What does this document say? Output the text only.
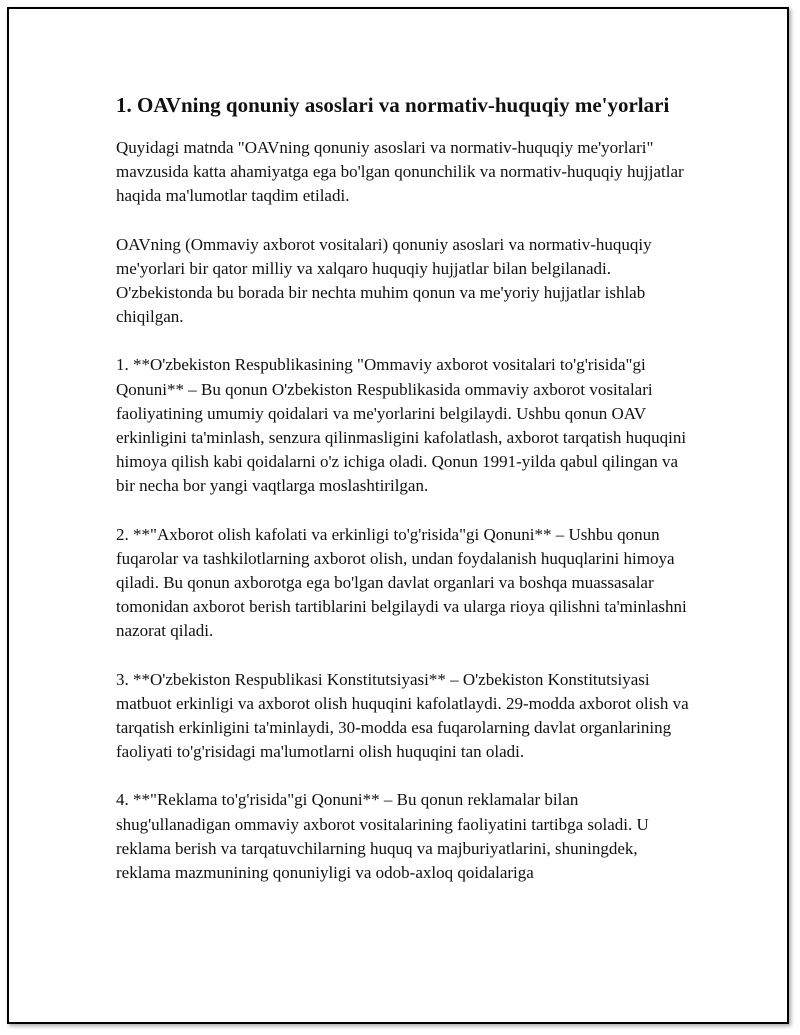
1. OAVning qonuniy asoslari va normativ-huquqiy me'yorlari

Quyidagi matnda "OAVning qonuniy asoslari va normativ-huquqiy me'yorlari" mavzusida katta ahamiyatga ega bo'lgan qonunchilik va normativ-huquqiy hujjatlar haqida ma'lumotlar taqdim etiladi.

OAVning (Ommaviy axborot vositalari) qonuniy asoslari va normativ-huquqiy me'yorlari bir qator milliy va xalqaro huquqiy hujjatlar bilan belgilanadi. O'zbekistonda bu borada bir nechta muhim qonun va me'yoriy hujjatlar ishlab chiqilgan.

1. **O'zbekiston Respublikasining "Ommaviy axborot vositalari to'g'risida"gi Qonuni** – Bu qonun O'zbekiston Respublikasida ommaviy axborot vositalari faoliyatining umumiy qoidalari va me'yorlarini belgilaydi. Ushbu qonun OAV erkinligini ta'minlash, senzura qilinmasligini kafolatlash, axborot tarqatish huquqini himoya qilish kabi qoidalarni o'z ichiga oladi. Qonun 1991-yilda qabul qilingan va bir necha bor yangi vaqtlarga moslashtirilgan.

2. **"Axborot olish kafolati va erkinligi to'g'risida"gi Qonuni** – Ushbu qonun fuqarolar va tashkilotlarning axborot olish, undan foydalanish huquqlarini himoya qiladi. Bu qonun axborotga ega bo'lgan davlat organlari va boshqa muassasalar tomonidan axborot berish tartiblarini belgilaydi va ularga rioya qilishni ta'minlashni nazorat qiladi.

3. **O'zbekiston Respublikasi Konstitutsiyasi** – O'zbekiston Konstitutsiyasi matbuot erkinligi va axborot olish huquqini kafolatlaydi. 29-modda axborot olish va tarqatish erkinligini ta'minlaydi, 30-modda esa fuqarolarning davlat organlarining faoliyati to'g'risidagi ma'lumotlarni olish huquqini tan oladi.

4. **"Reklama to'g'risida"gi Qonuni** – Bu qonun reklamalar bilan shug'ullanadigan ommaviy axborot vositalarining faoliyatini tartibga soladi. U reklama berish va tarqatuvchilarning huquq va majburiyatlarini, shuningdek, reklama mazmunining qonuniyligi va odob-axloq qoidalariga
